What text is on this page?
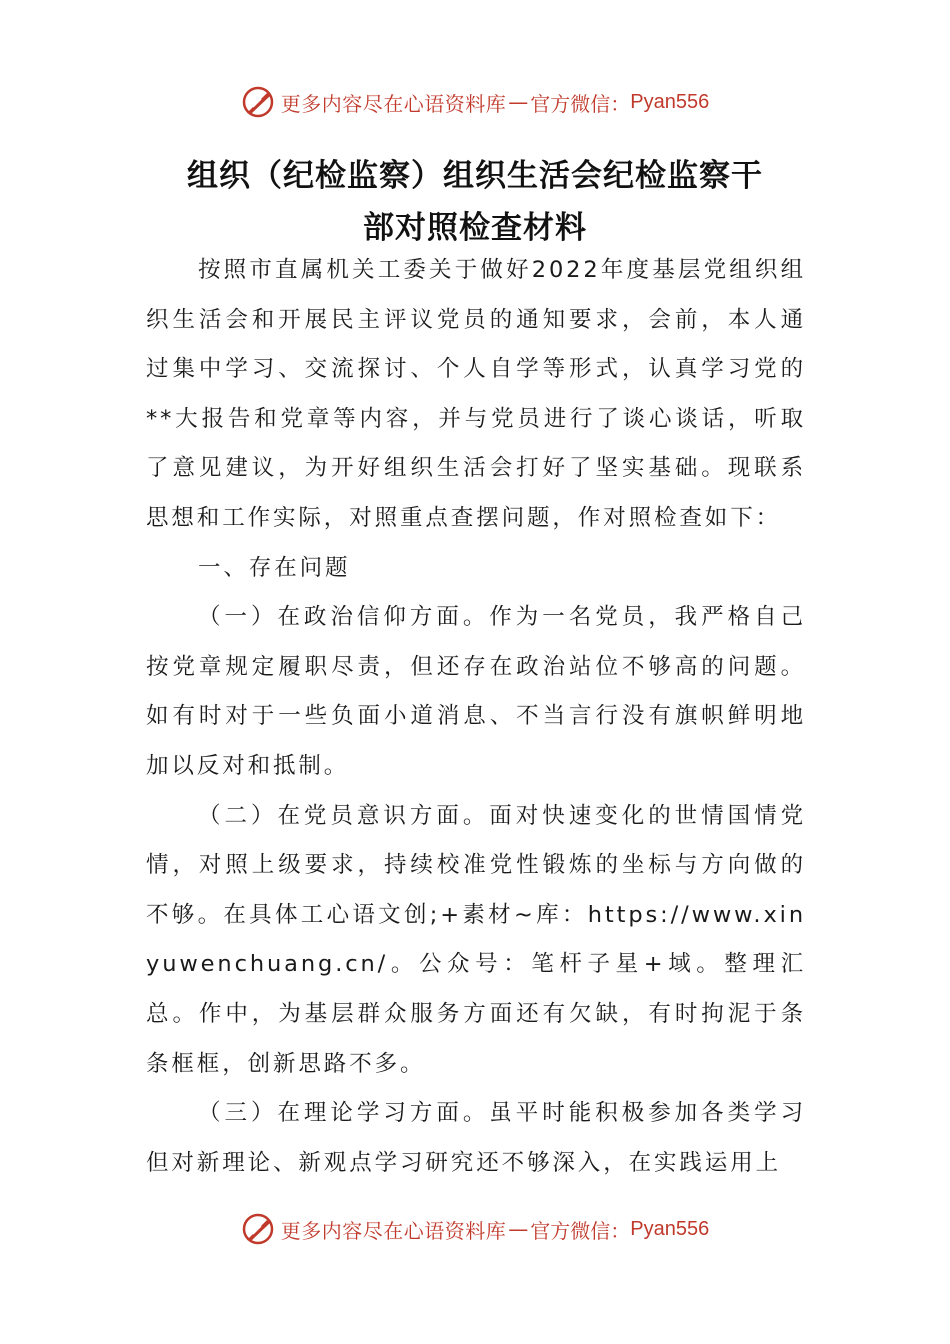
更多内容尽在心语资料库 — 官方微信： Pyan556
组织（纪检监察）组织生活会纪检监察干
部对照检查材料

按照市直属机关工委关于做好2022年度基层党组织组织生活会和开展民主评议党员的通知要求，会前，本人通过集中学习、交流探讨、个人自学等形式，认真学习党的**大报告和党章等内容，并与党员进行了谈心谈话，听取了意见建议，为开好组织生活会打好了坚实基础。现联系思想和工作实际，对照重点查摆问题，作对照检查如下：

一、存在问题

（一）在政治信仰方面。作为一名党员，我严格自己按党章规定履职尽责，但还存在政治站位不够高的问题。如有时对于一些负面小道消息、不当言行没有旗帜鲜明地加以反对和抵制。

（二）在党员意识方面。面对快速变化的世情国情党情，对照上级要求，持续校准党性锻炼的坐标与方向做的不够。在具体工心语文创;+素材~库：https://www.xinyuwenchuang.cn/。公众号：笔杆子星+域。整理汇总。作中，为基层群众服务方面还有欠缺，有时拘泥于条条框框，创新思路不多。

（三）在理论学习方面。虽平时能积极参加各类学习但对新理论、新观点学习研究还不够深入，在实践运用上

更多内容尽在心语资料库 — 官方微信： Pyan556
